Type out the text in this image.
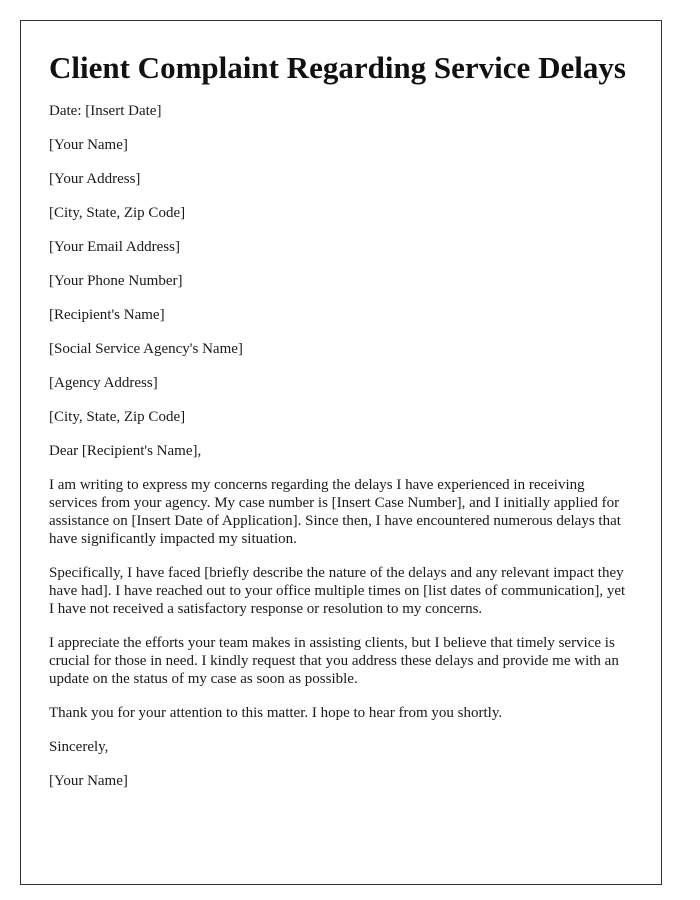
Client Complaint Regarding Service Delays
Date: [Insert Date]
[Your Name]
[Your Address]
[City, State, Zip Code]
[Your Email Address]
[Your Phone Number]
[Recipient's Name]
[Social Service Agency's Name]
[Agency Address]
[City, State, Zip Code]
Dear [Recipient's Name],

I am writing to express my concerns regarding the delays I have experienced in receiving services from your agency. My case number is [Insert Case Number], and I initially applied for assistance on [Insert Date of Application]. Since then, I have encountered numerous delays that have significantly impacted my situation.

Specifically, I have faced [briefly describe the nature of the delays and any relevant impact they have had]. I have reached out to your office multiple times on [list dates of communication], yet I have not received a satisfactory response or resolution to my concerns.

I appreciate the efforts your team makes in assisting clients, but I believe that timely service is crucial for those in need. I kindly request that you address these delays and provide me with an update on the status of my case as soon as possible.

Thank you for your attention to this matter. I hope to hear from you shortly.

Sincerely,
[Your Name]
